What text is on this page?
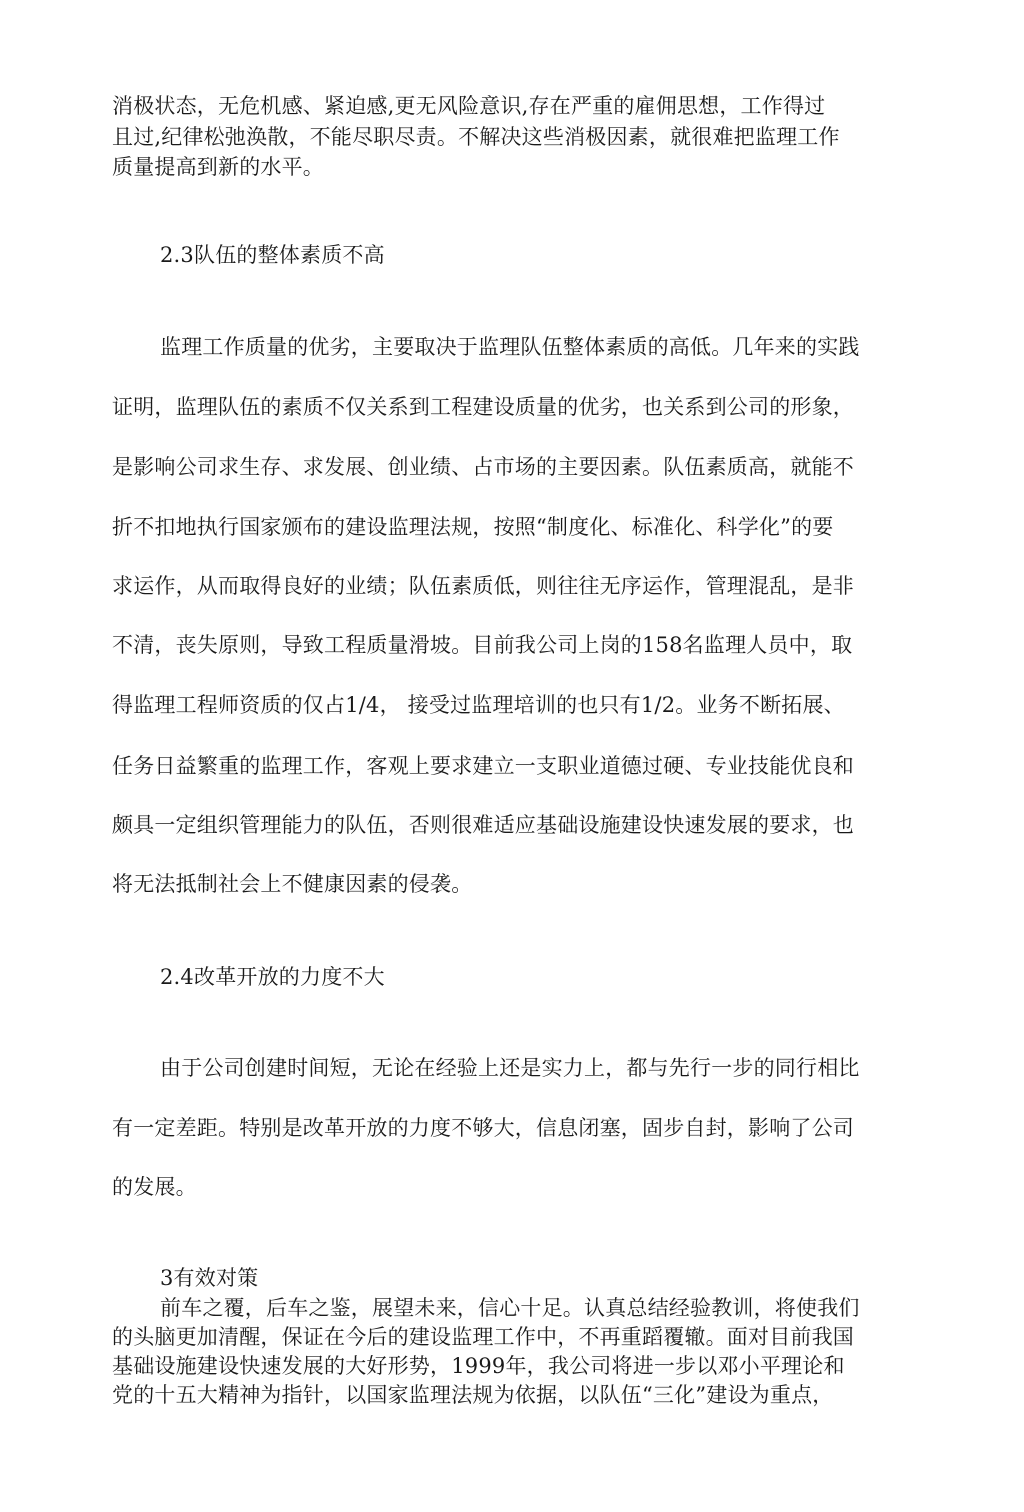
消极状态，无危机感、紧迫感,更无风险意识,存在严重的雇佣思想，工作得过
且过,纪律松弛涣散，不能尽职尽责。不解决这些消极因素，就很难把监理工作
质量提高到新的水平。
2.3队伍的整体素质不高
监理工作质量的优劣，主要取决于监理队伍整体素质的高低。几年来的实践
证明，监理队伍的素质不仅关系到工程建设质量的优劣，也关系到公司的形象，
是影响公司求生存、求发展、创业绩、占市场的主要因素。队伍素质高，就能不
折不扣地执行国家颁布的建设监理法规，按照“制度化、标准化、科学化”的要
求运作，从而取得良好的业绩；队伍素质低，则往往无序运作，管理混乱，是非
不清，丧失原则，导致工程质量滑坡。目前我公司上岗的158名监理人员中，取
得监理工程师资质的仅占1/4， 接受过监理培训的也只有1/2。业务不断拓展、
任务日益繁重的监理工作，客观上要求建立一支职业道德过硬、专业技能优良和
颇具一定组织管理能力的队伍，否则很难适应基础设施建设快速发展的要求，也
将无法抵制社会上不健康因素的侵袭。
2.4改革开放的力度不大
由于公司创建时间短，无论在经验上还是实力上，都与先行一步的同行相比
有一定差距。特别是改革开放的力度不够大，信息闭塞，固步自封，影响了公司
的发展。
3有效对策
前车之覆，后车之鉴，展望未来，信心十足。认真总结经验教训，将使我们
的头脑更加清醒，保证在今后的建设监理工作中，不再重蹈覆辙。面对目前我国
基础设施建设快速发展的大好形势，1999年，我公司将进一步以邓小平理论和
党的十五大精神为指针，以国家监理法规为依据，以队伍“三化”建设为重点，
